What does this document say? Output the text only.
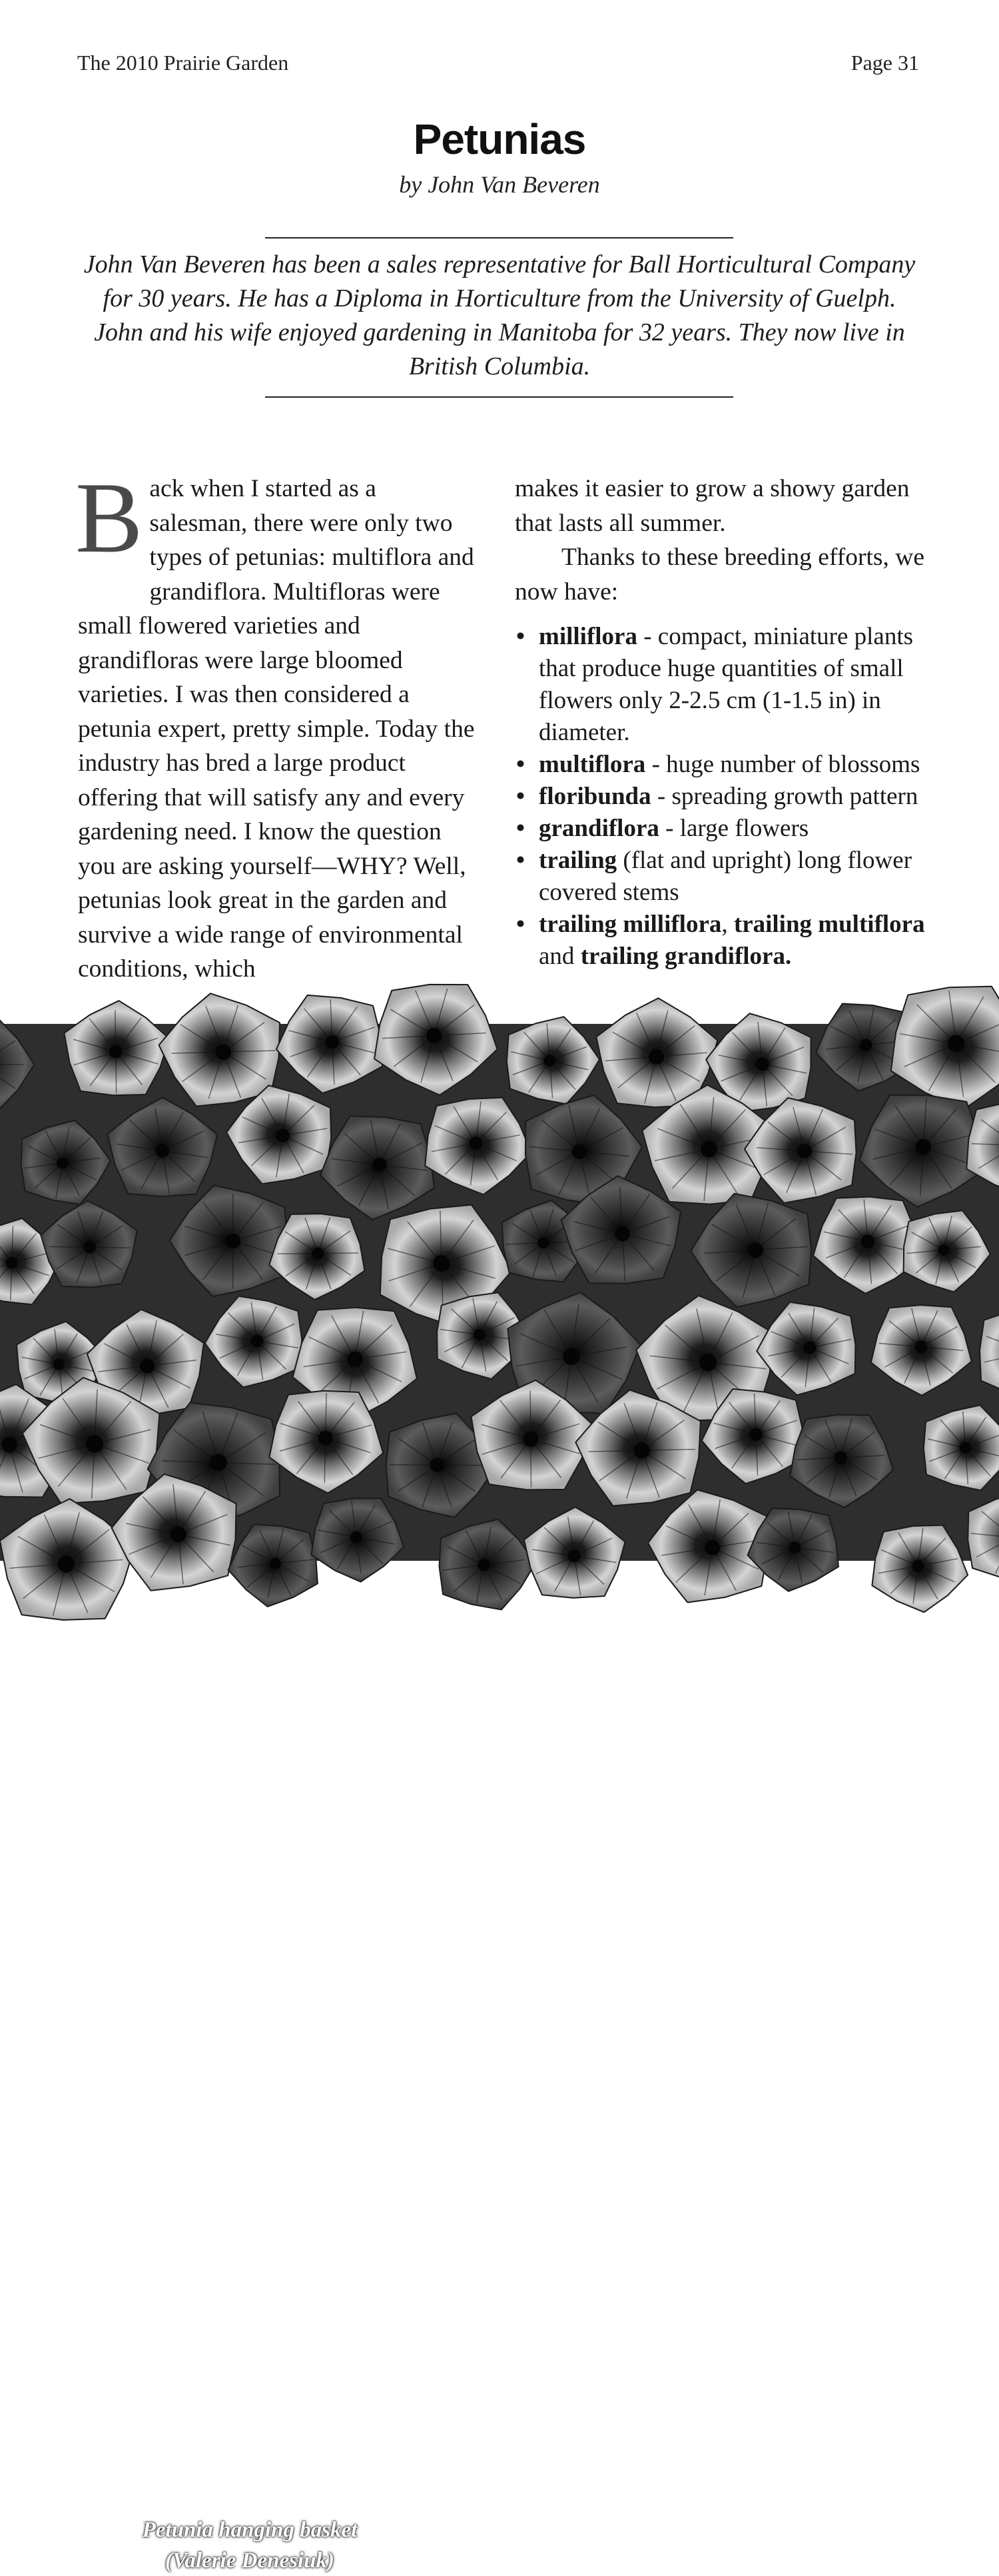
The 2010 Prairie Garden	Page 31
Petunias
by John Van Beveren
John Van Beveren has been a sales representative for Ball Horticultural Company for 30 years. He has a Diploma in Horticulture from the University of Guelph. John and his wife enjoyed gardening in Manitoba for 32 years. They now live in British Columbia.

Back when I started as a salesman, there were only two types of petunias: multiflora and grandiflora. Multifloras were small flowered varieties and grandifloras were large bloomed varieties. I was then considered a petunia expert, pretty simple. Today the industry has bred a large product offering that will satisfy any and every gardening need. I know the question you are asking yourself—WHY? Well, petunias look great in the garden and survive a wide range of environmental conditions, which

makes it easier to grow a showy garden that lasts all summer.

Thanks to these breeding efforts, we now have:

• milliflora - compact, miniature plants that produce huge quantities of small flowers only 2-2.5 cm (1-1.5 in) in diameter.
• multiflora - huge number of blossoms
• floribunda - spreading growth pattern
• grandiflora - large flowers
• trailing (flat and upright) long flower covered stems
• trailing milliflora, trailing multiflora and trailing grandiflora.
Petunia hanging basket
(Valerie Denesiuk)
